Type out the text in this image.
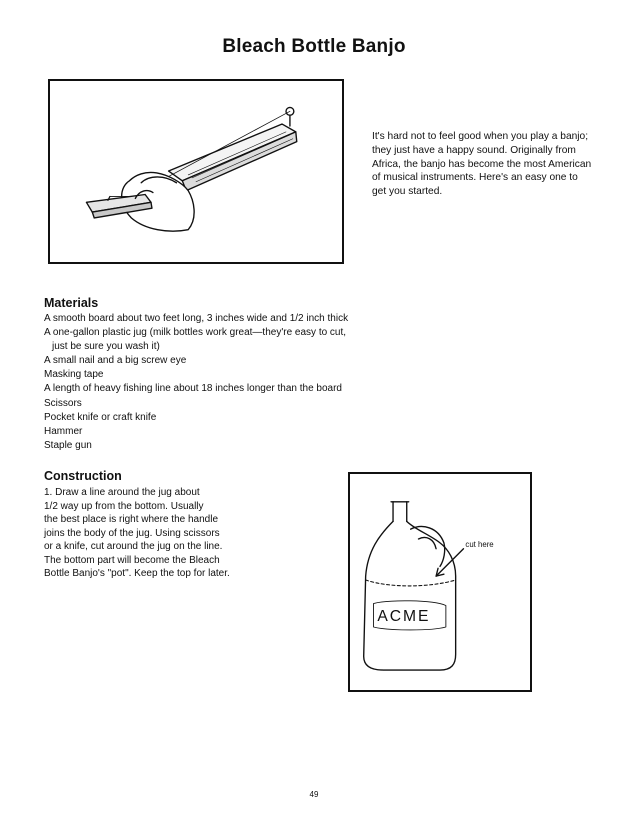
Bleach Bottle Banjo

It's hard not to feel good when you play a banjo; they just have a happy sound. Originally from Africa, the banjo has become the most American of musical instruments. Here's an easy one to get you started.

Materials
A smooth board about two feet long, 3 inches wide and 1/2 inch thick
A one-gallon plastic jug (milk bottles work great—they're easy to cut,
just be sure you wash it)
A small nail and a big screw eye
Masking tape
A length of heavy fishing line about 18 inches longer than the board
Scissors
Pocket knife or craft knife
Hammer
Staple gun
Construction
1. Draw a line around the jug about
1/2 way up from the bottom. Usually
the best place is right where the handle
joins the body of the jug. Using scissors
or a knife, cut around the jug on the line.
The bottom part will become the Bleach
Bottle Banjo's "pot". Keep the top for later.
cut here
ACME
49
